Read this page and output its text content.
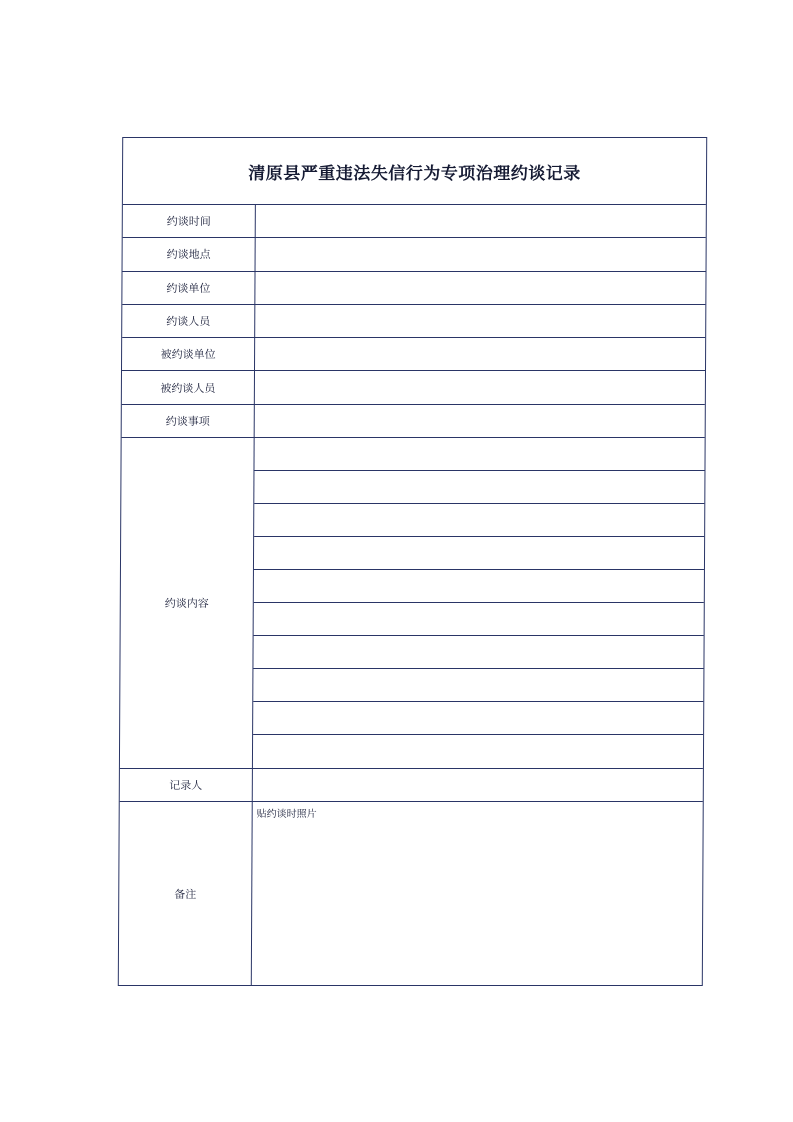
清原县严重违法失信行为专项治理约谈记录
约谈时间
约谈地点
约谈单位
约谈人员
被约谈单位
被约谈人员
约谈事项
约谈内容
记录人
备注
贴约谈时照片
